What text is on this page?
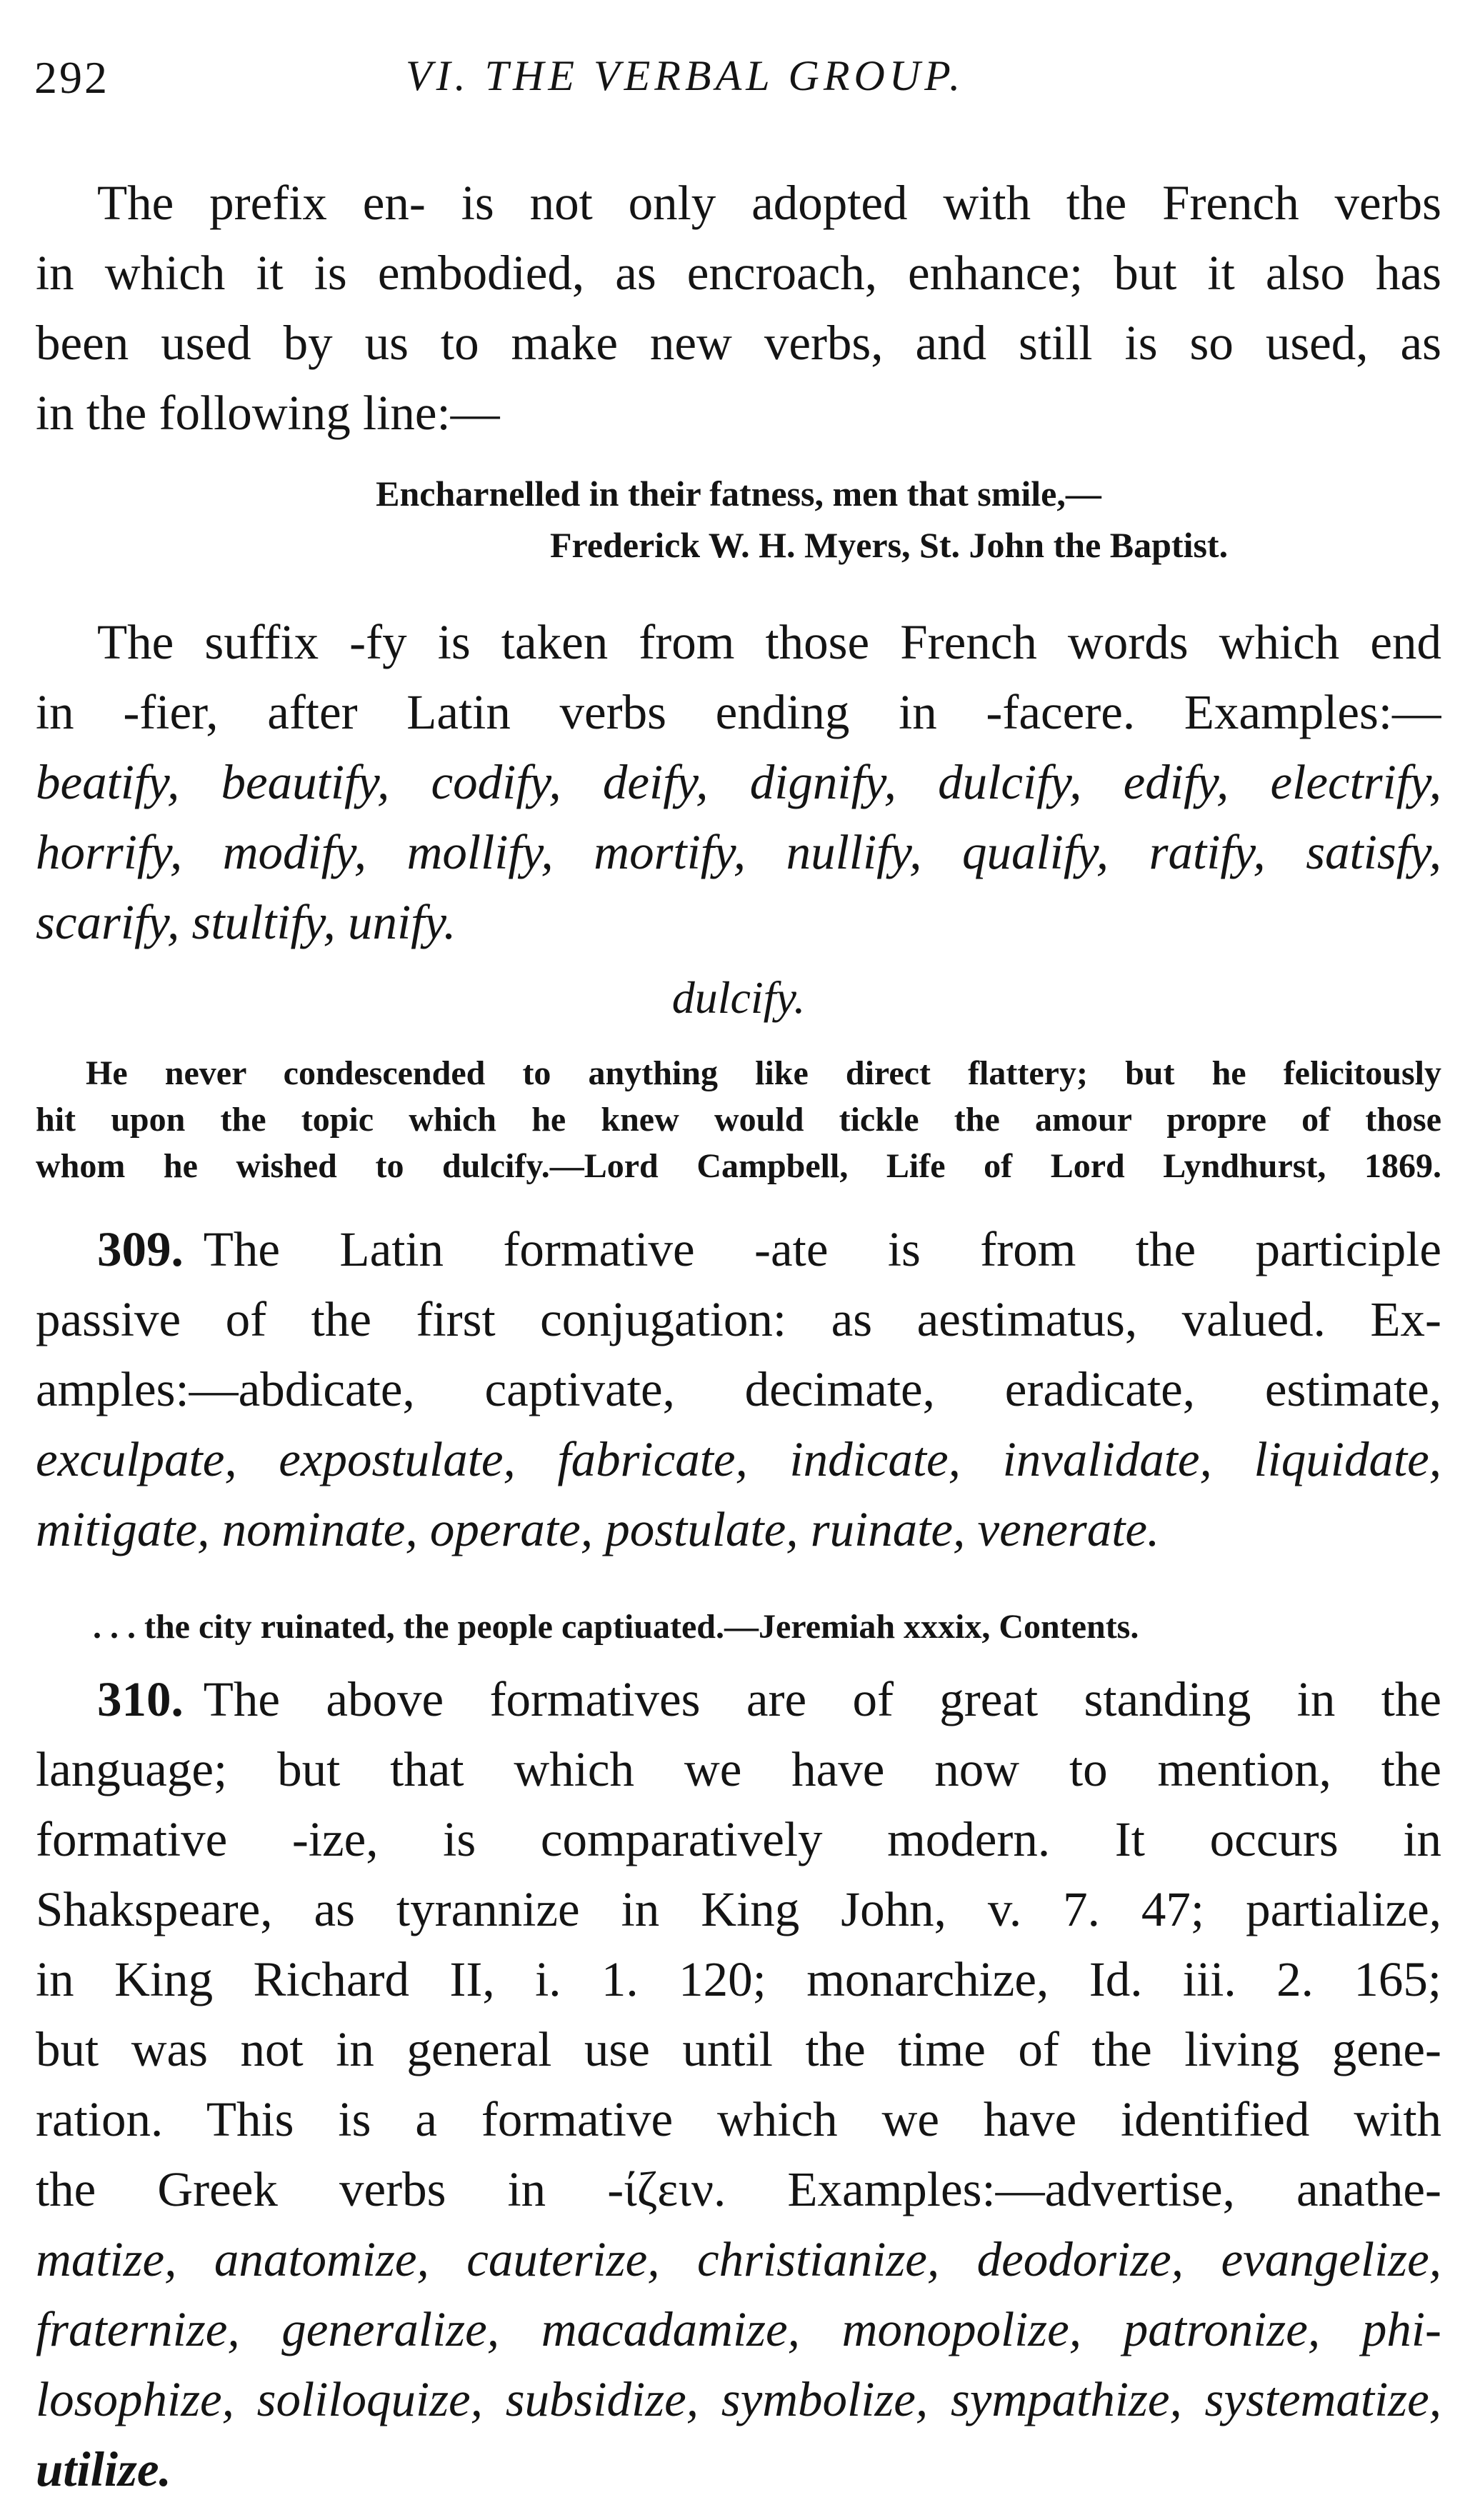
292	VI. THE VERBAL GROUP.
The prefix en- is not only adopted with the French verbs
in which it is embodied, as encroach, enhance; but it also has
been used by us to make new verbs, and still is so used, as
in the following line:—
Encharnelled in their fatness, men that smile,—
Frederick W. H. Myers, St. John the Baptist.
The suffix -fy is taken from those French words which end
in -fier, after Latin verbs ending in -facere. Examples:—
beatify, beautify, codify, deify, dignify, dulcify, edify, electrify,
horrify, modify, mollify, mortify, nullify, qualify, ratify, satisfy,
scarify, stultify, unify.
dulcify.
He never condescended to anything like direct flattery; but he felicitously
hit upon the topic which he knew would tickle the amour propre of those
whom he wished to dulcify.—Lord Campbell, Life of Lord Lyndhurst, 1869.
309. The Latin formative -ate is from the participle
passive of the first conjugation: as aestimatus, valued. Ex-
amples:—abdicate, captivate, decimate, eradicate, estimate,
exculpate, expostulate, fabricate, indicate, invalidate, liquidate,
mitigate, nominate, operate, postulate, ruinate, venerate.
. . . the city ruinated, the people captiuated.—Jeremiah xxxix, Contents.
310. The above formatives are of great standing in the
language; but that which we have now to mention, the
formative -ize, is comparatively modern. It occurs in
Shakspeare, as tyrannize in King John, v. 7. 47; partialize,
in King Richard II, i. 1. 120; monarchize, Id. iii. 2. 165;
but was not in general use until the time of the living gene-
ration. This is a formative which we have identified with
the Greek verbs in -ίζειν. Examples:—advertise, anathe-
matize, anatomize, cauterize, christianize, deodorize, evangelize,
fraternize, generalize, macadamize, monopolize, patronize, phi-
losophize, soliloquize, subsidize, symbolize, sympathize, systematize,
utilize.
